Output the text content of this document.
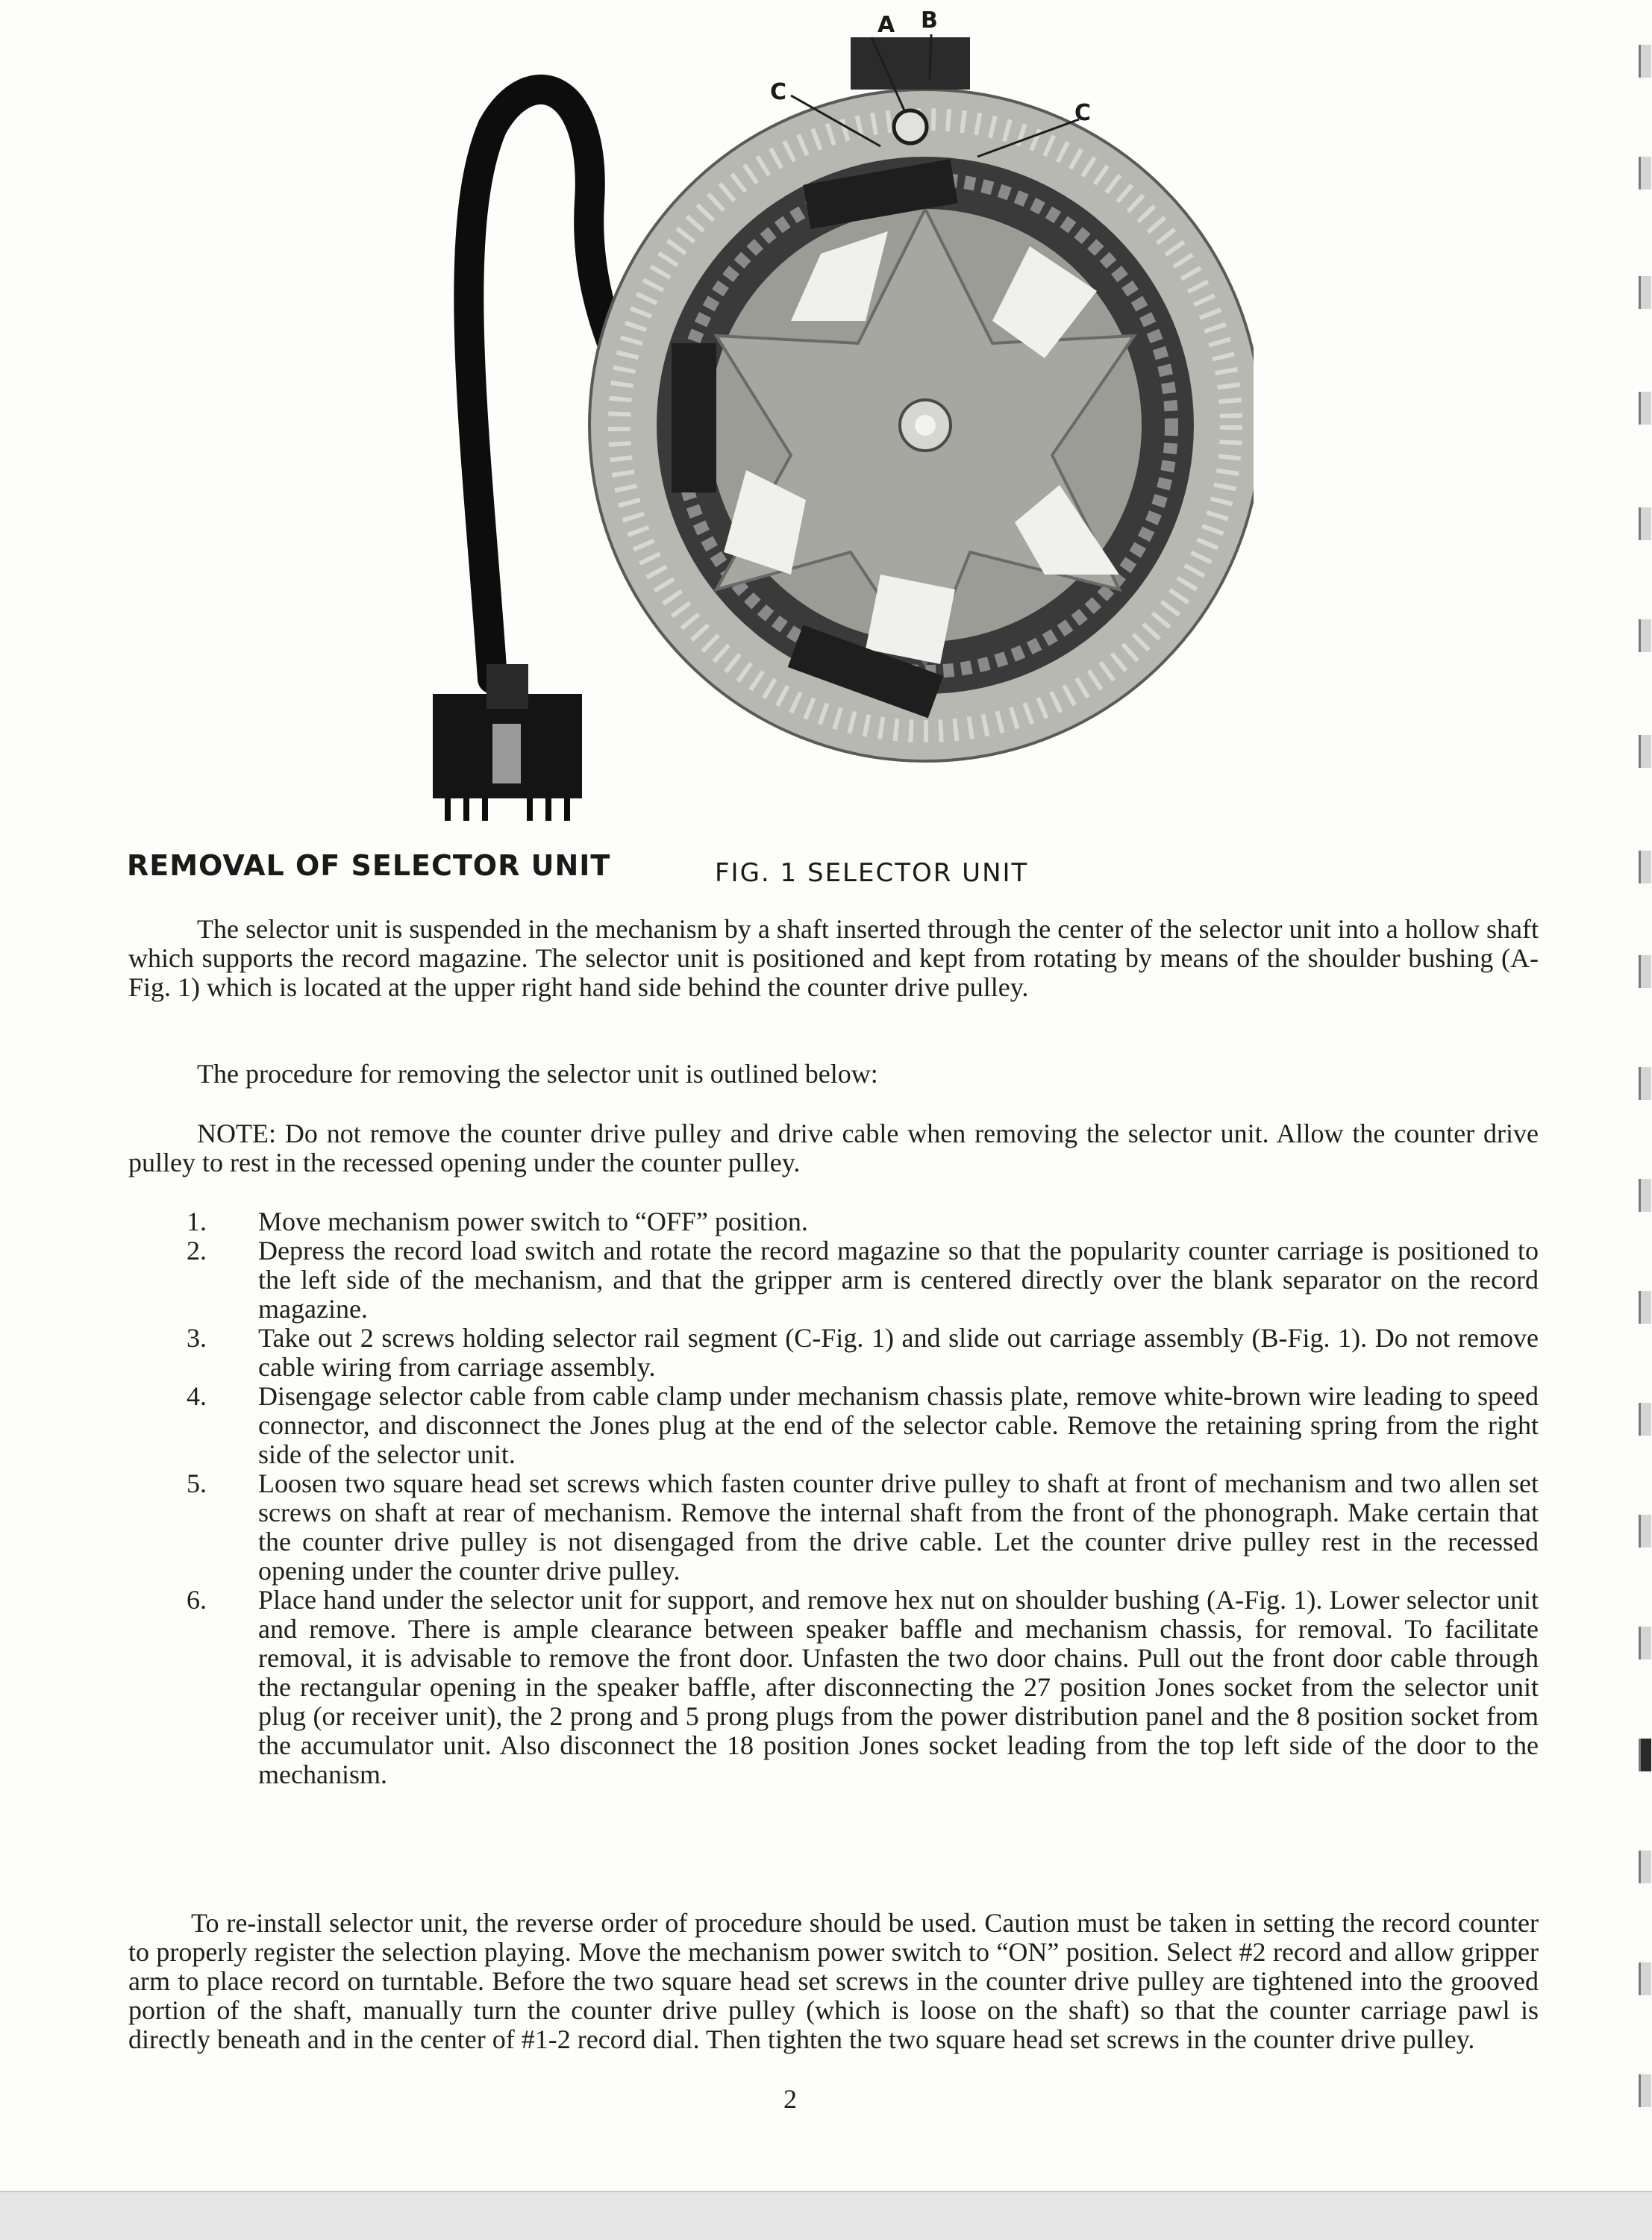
A B
C
C
REMOVAL OF SELECTOR UNIT	FIG. 1 SELECTOR UNIT
The selector unit is suspended in the mechanism by a shaft inserted through the center of the selector unit into a hollow shaft which supports the record magazine. The selector unit is positioned and kept from rotating by means of the shoulder bushing (A-Fig. 1) which is located at the upper right hand side behind the counter drive pulley.
The procedure for removing the selector unit is outlined below:
NOTE: Do not remove the counter drive pulley and drive cable when removing the selector unit. Allow the counter drive pulley to rest in the recessed opening under the counter pulley.
1.	Move mechanism power switch to “OFF” position.
2.	Depress the record load switch and rotate the record magazine so that the popularity counter carriage is positioned to the left side of the mechanism, and that the gripper arm is centered directly over the blank separator on the record magazine.
3.	Take out 2 screws holding selector rail segment (C-Fig. 1) and slide out carriage assembly (B-Fig. 1). Do not remove cable wiring from carriage assembly.
4.	Disengage selector cable from cable clamp under mechanism chassis plate, remove white-brown wire leading to speed connector, and disconnect the Jones plug at the end of the selector cable. Remove the retaining spring from the right side of the selector unit.
5.	Loosen two square head set screws which fasten counter drive pulley to shaft at front of mechanism and two allen set screws on shaft at rear of mechanism. Remove the internal shaft from the front of the phonograph. Make certain that the counter drive pulley is not disengaged from the drive cable. Let the counter drive pulley rest in the recessed opening under the counter drive pulley.
6.	Place hand under the selector unit for support, and remove hex nut on shoulder bushing (A-Fig. 1). Lower selector unit and remove. There is ample clearance between speaker baffle and mechanism chassis, for removal. To facilitate removal, it is advisable to remove the front door. Unfasten the two door chains. Pull out the front door cable through the rectangular opening in the speaker baffle, after disconnecting the 27 position Jones socket from the selector unit plug (or receiver unit), the 2 prong and 5 prong plugs from the power distribution panel and the 8 position socket from the accumulator unit. Also disconnect the 18 position Jones socket leading from the top left side of the door to the mechanism.
To re-install selector unit, the reverse order of procedure should be used. Caution must be taken in setting the record counter to properly register the selection playing. Move the mechanism power switch to “ON” position. Select #2 record and allow gripper arm to place record on turntable. Before the two square head set screws in the counter drive pulley are tightened into the grooved portion of the shaft, manually turn the counter drive pulley (which is loose on the shaft) so that the counter carriage pawl is directly beneath and in the center of #1-2 record dial. Then tighten the two square head set screws in the counter drive pulley.
2
